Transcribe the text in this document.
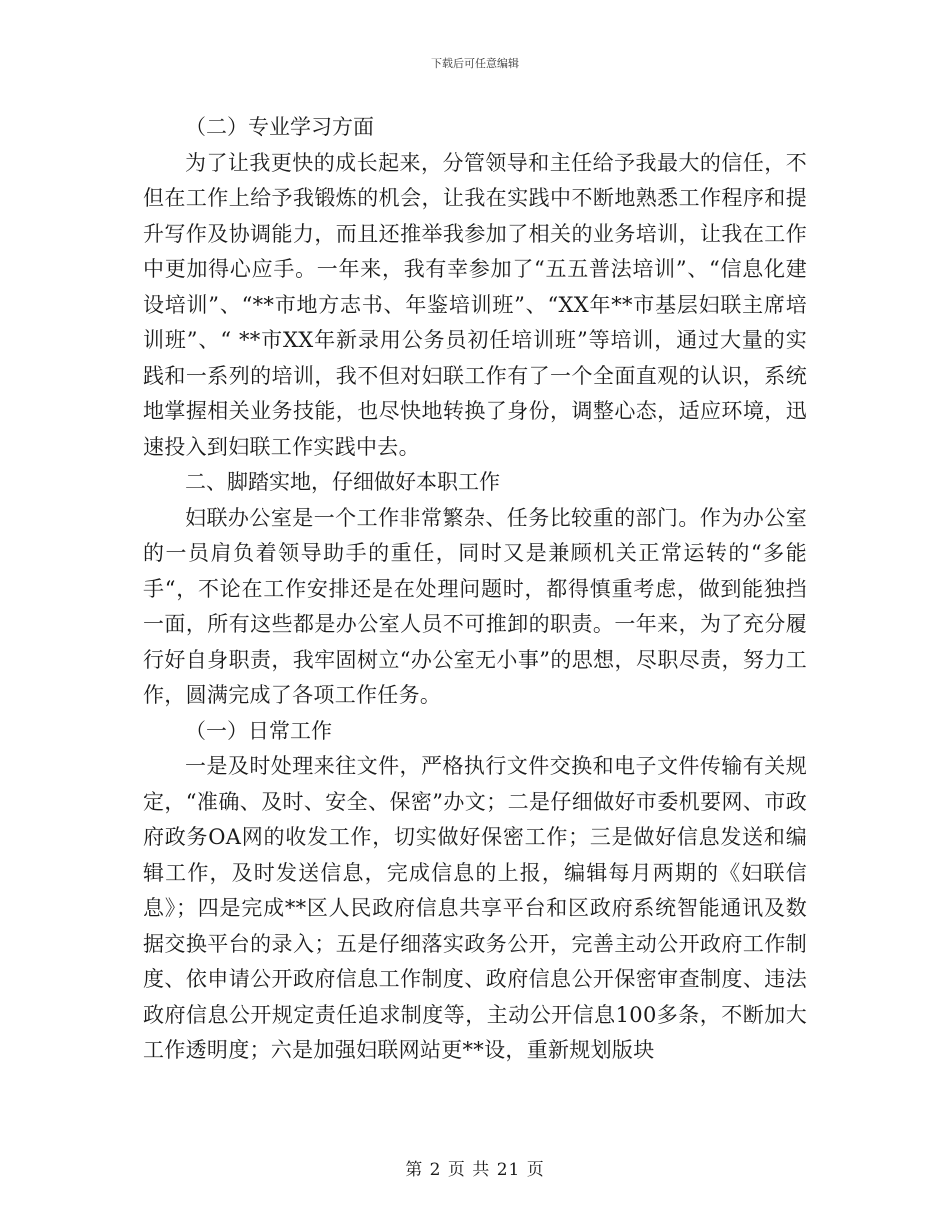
下载后可任意编辑

（二）专业学习方面

为了让我更快的成长起来，分管领导和主任给予我最大的信任，不但在工作上给予我锻炼的机会，让我在实践中不断地熟悉工作程序和提升写作及协调能力，而且还推举我参加了相关的业务培训，让我在工作中更加得心应手。一年来，我有幸参加了“五五普法培训”、“信息化建设培训”、“**市地方志书、年鉴培训班”、“XX年**市基层妇联主席培训班”、“ **市XX年新录用公务员初任培训班”等培训，通过大量的实践和一系列的培训，我不但对妇联工作有了一个全面直观的认识，系统地掌握相关业务技能，也尽快地转换了身份，调整心态，适应环境，迅速投入到妇联工作实践中去。

二、脚踏实地，仔细做好本职工作

妇联办公室是一个工作非常繁杂、任务比较重的部门。作为办公室的一员肩负着领导助手的重任，同时又是兼顾机关正常运转的“多能手“，不论在工作安排还是在处理问题时，都得慎重考虑，做到能独挡一面，所有这些都是办公室人员不可推卸的职责。一年来，为了充分履行好自身职责，我牢固树立“办公室无小事”的思想，尽职尽责，努力工作，圆满完成了各项工作任务。

（一）日常工作

一是及时处理来往文件，严格执行文件交换和电子文件传输有关规定，“准确、及时、安全、保密”办文；二是仔细做好市委机要网、市政府政务OA网的收发工作，切实做好保密工作；三是做好信息发送和编辑工作，及时发送信息，完成信息的上报，编辑每月两期的《妇联信息》；四是完成**区人民政府信息共享平台和区政府系统智能通讯及数据交换平台的录入；五是仔细落实政务公开，完善主动公开政府工作制度、依申请公开政府信息工作制度、政府信息公开保密审查制度、违法政府信息公开规定责任追求制度等，主动公开信息100多条，不断加大工作透明度；六是加强妇联网站更**设，重新规划版块

第 2 页 共 21 页
